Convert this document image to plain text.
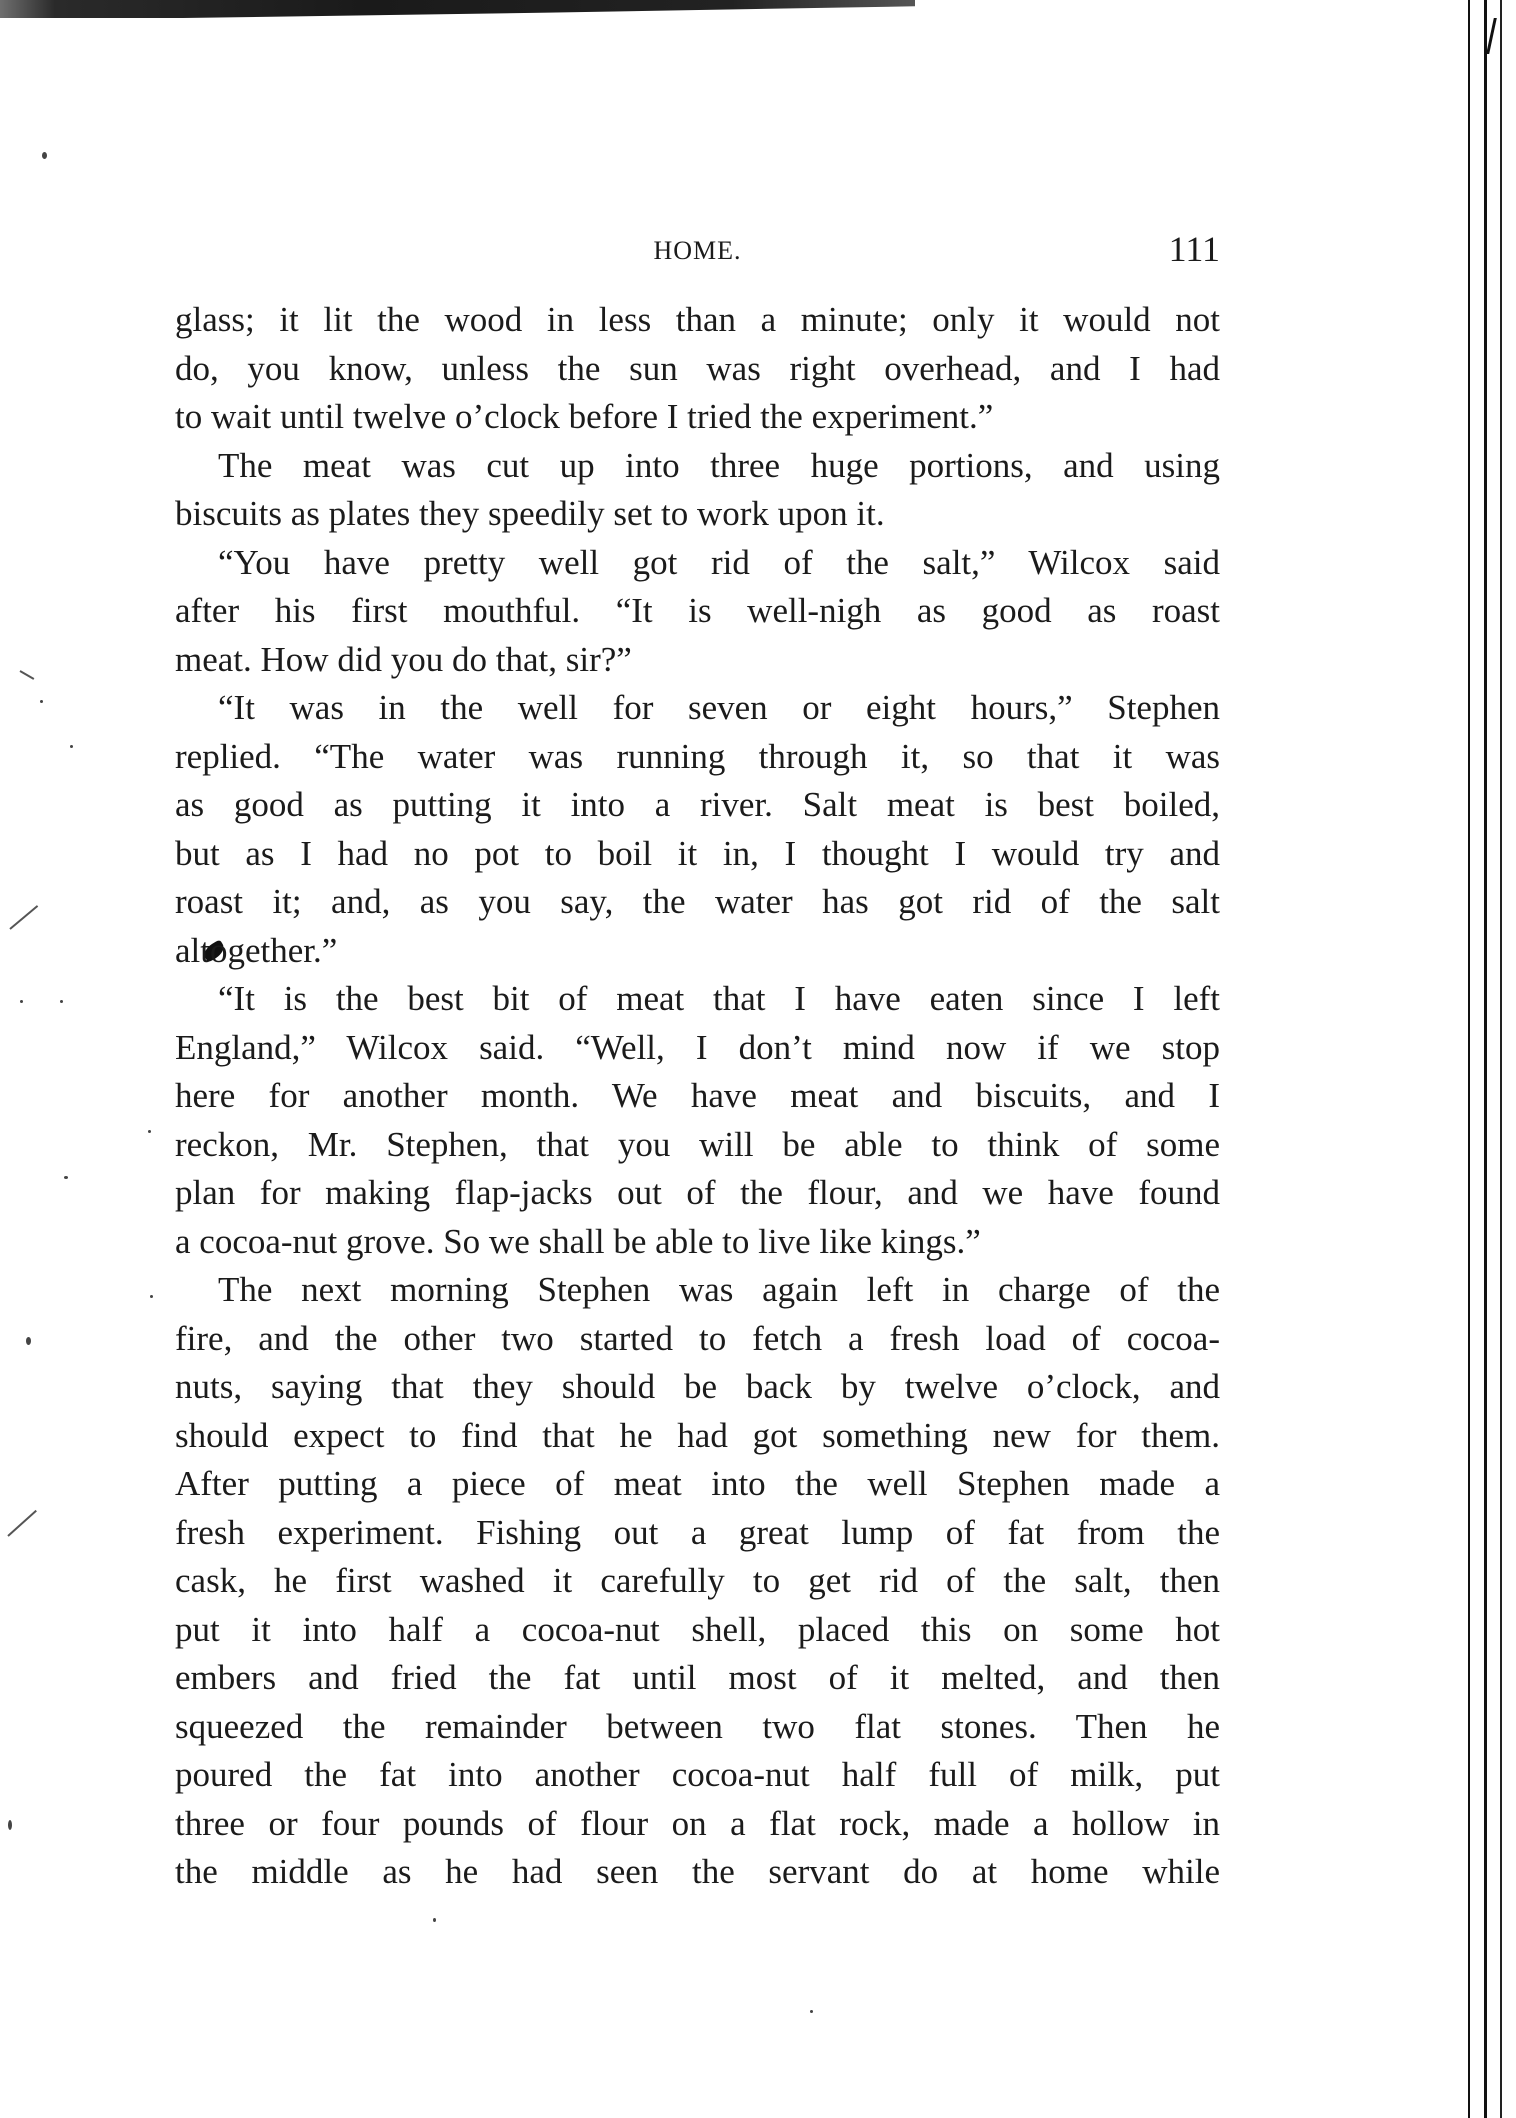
HOME.	111
glass; it lit the wood in less than a minute; only it would not
do, you know, unless the sun was right overhead, and I had
to wait until twelve o’clock before I tried the experiment.”
The meat was cut up into three huge portions, and using
biscuits as plates they speedily set to work upon it.
“You have pretty well got rid of the salt,” Wilcox said
after his first mouthful. “It is well-nigh as good as roast
meat. How did you do that, sir?”
“It was in the well for seven or eight hours,” Stephen
replied. “The water was running through it, so that it was
as good as putting it into a river. Salt meat is best boiled,
but as I had no pot to boil it in, I thought I would try and
roast it; and, as you say, the water has got rid of the salt
altogether.”
“It is the best bit of meat that I have eaten since I left
England,” Wilcox said. “Well, I don’t mind now if we stop
here for another month. We have meat and biscuits, and I
reckon, Mr. Stephen, that you will be able to think of some
plan for making flap-jacks out of the flour, and we have found
a cocoa-nut grove. So we shall be able to live like kings.”
The next morning Stephen was again left in charge of the
fire, and the other two started to fetch a fresh load of cocoa-
nuts, saying that they should be back by twelve o’clock, and
should expect to find that he had got something new for them.
After putting a piece of meat into the well Stephen made a
fresh experiment. Fishing out a great lump of fat from the
cask, he first washed it carefully to get rid of the salt, then
put it into half a cocoa-nut shell, placed this on some hot
embers and fried the fat until most of it melted, and then
squeezed the remainder between two flat stones. Then he
poured the fat into another cocoa-nut half full of milk, put
three or four pounds of flour on a flat rock, made a hollow in
the middle as he had seen the servant do at home while
